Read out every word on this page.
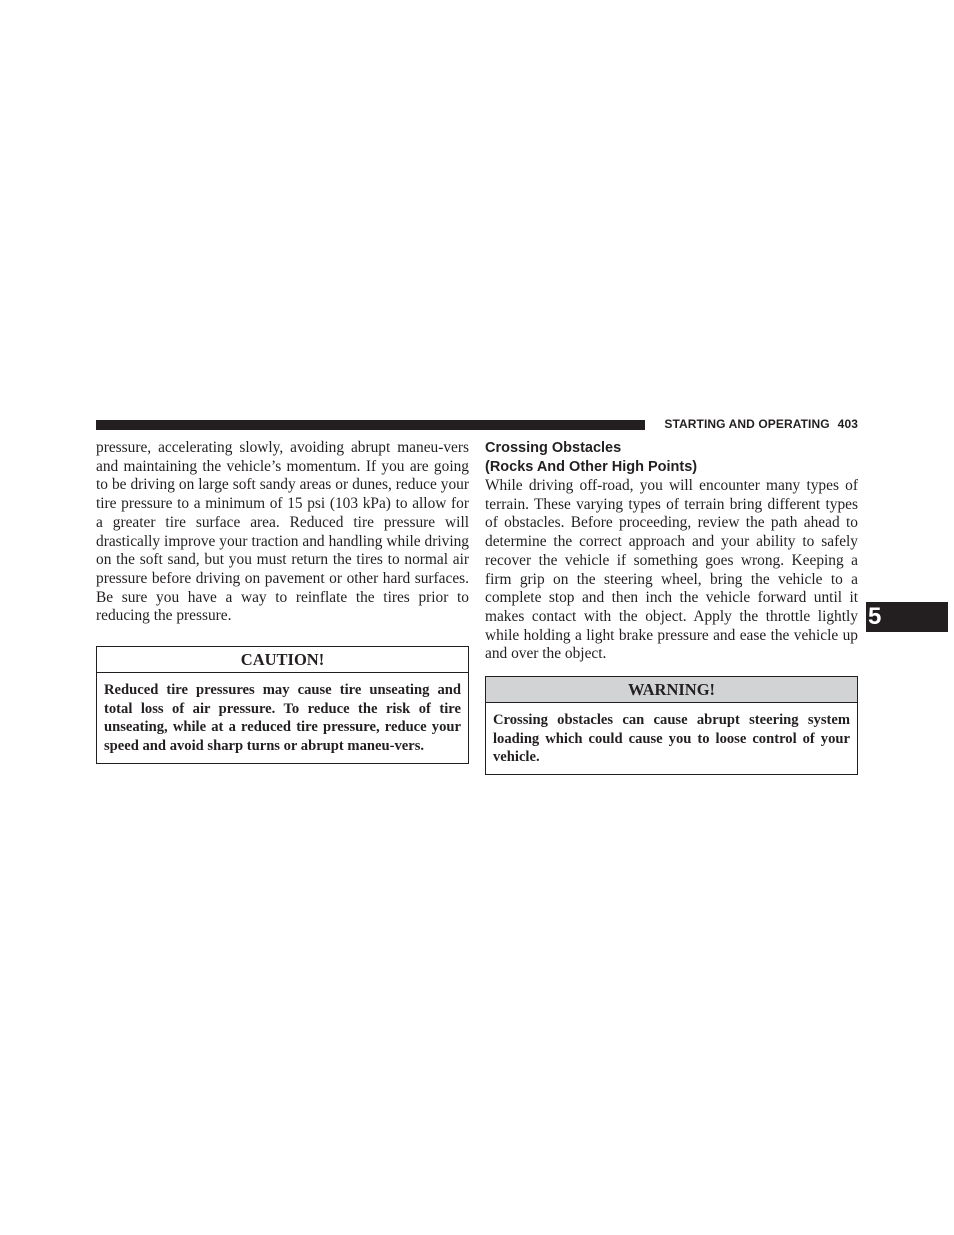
STARTING AND OPERATING 403

pressure, accelerating slowly, avoiding abrupt maneu-vers and maintaining the vehicle’s momentum. If you are going to be driving on large soft sandy areas or dunes, reduce your tire pressure to a minimum of 15 psi (103 kPa) to allow for a greater tire surface area. Reduced tire pressure will drastically improve your traction and handling while driving on the soft sand, but you must return the tires to normal air pressure before driving on pavement or other hard surfaces. Be sure you have a way to reinflate the tires prior to reducing the pressure.

CAUTION!
Reduced tire pressures may cause tire unseating and total loss of air pressure. To reduce the risk of tire unseating, while at a reduced tire pressure, reduce your speed and avoid sharp turns or abrupt maneu-vers.
Crossing Obstacles
(Rocks And Other High Points)

While driving off-road, you will encounter many types of terrain. These varying types of terrain bring different types of obstacles. Before proceeding, review the path ahead to determine the correct approach and your ability to safely recover the vehicle if something goes wrong. Keeping a firm grip on the steering wheel, bring the vehicle to a complete stop and then inch the vehicle forward until it makes contact with the object. Apply the throttle lightly while holding a light brake pressure and ease the vehicle up and over the object.

WARNING!
Crossing obstacles can cause abrupt steering system loading which could cause you to loose control of your vehicle.
5
